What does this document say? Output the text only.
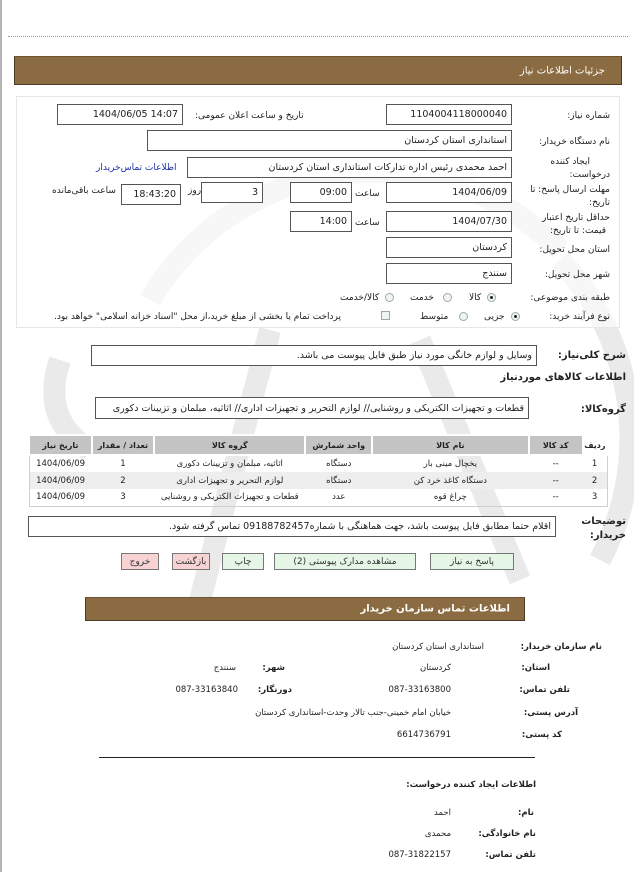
جزئیات اطلاعات نیاز
شماره نیاز:
1104004118000040
تاریخ و ساعت اعلان عمومی:
1404/06/05 14:07
نام دستگاه خریدار:
استانداری استان کردستان
ایجاد کننده
درخواست:
احمد محمدی رئیس اداره تدارکات استانداری استان کردستان
اطلاعات تماس‌خریدار
مهلت ارسال پاسخ: تا
تاریخ:
1404/06/09
ساعت
09:00
روز	3
18:43:20
ساعت باقی‌مانده
حداقل تاریخ اعتبار
قیمت: تا تاریخ:
1404/07/30
ساعت
14:00
استان محل تحویل:
کردستان
شهر محل تحویل:
سنندج
طبقه بندی موضوعی:
کالا
خدمت
کالا/خدمت
نوع فرآیند خرید:
جزیی
متوسط
پرداخت تمام یا بخشی از مبلغ خرید،از محل "اسناد خزانه اسلامی" خواهد بود.
شرح کلی‌نیاز:
وسایل و لوازم خانگی مورد نیاز طبق فایل پیوست می باشد.
اطلاعات کالاهای موردنیاز
گروه‌کالا:
قطعات و تجهیزات الکتریکی و روشنایی// لوازم التحریر و تجهیزات اداری// اثاثیه، مبلمان و تزیینات دکوری
ردیف	کد کالا	نام کالا	واحد شمارش	گروه کالا	تعداد / مقدار	تاریخ نیاز
1	--	یخچال مینی بار	دستگاه	اثاثیه، مبلمان و تزیینات دکوری	1	1404/06/09
2	--	دستگاه کاغذ خرد کن	دستگاه	لوازم التحریر و تجهیزات اداری	2	1404/06/09
3	--	چراغ قوه	عدد	قطعات و تجهیزات الکتریکی و روشنایی	3	1404/06/09
توضیحات
خریدار:
اقلام حتما مطابق فایل پیوست باشد، جهت هماهنگی با شماره09188782457 تماس گرفته شود.
پاسخ به نیاز
مشاهده مدارک پیوستی (2)
چاپ
بازگشت
خروج
اطلاعات تماس سازمان خریدار
نام سازمان خریدار:
استانداری استان کردستان
استان:
کردستان
شهر:
سنندج
تلفن تماس:
087-33163800
دورنگار:
087-33163840
آدرس پستی:
خیابان امام خمینی-جنب تالار وحدت-استانداری کردستان
کد پستی:
6614736791
اطلاعات ایجاد کننده درخواست:
نام:
احمد
نام خانوادگی:
محمدی
تلفن تماس:
087-31822157
